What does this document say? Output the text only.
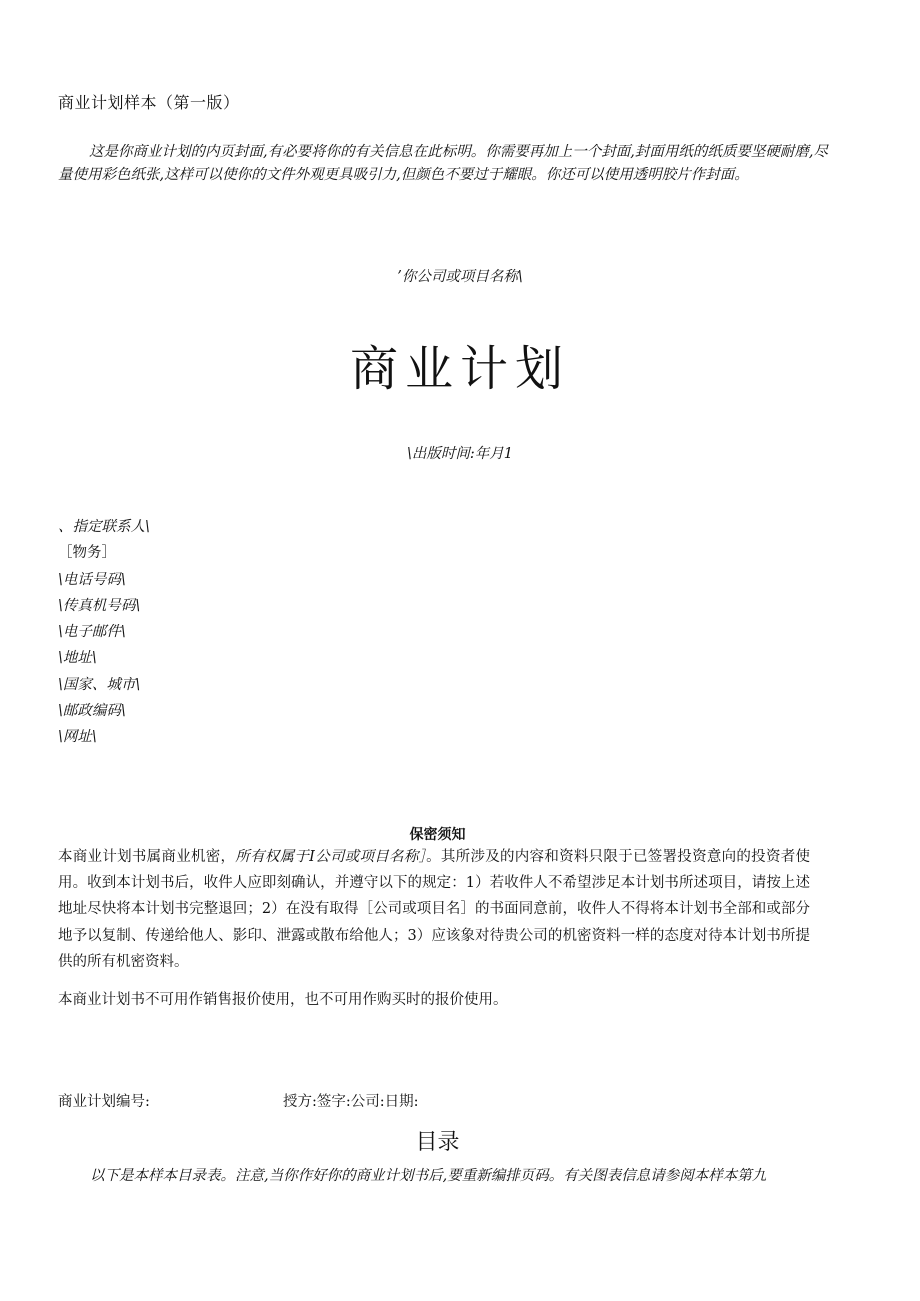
商业计划样本（第一版）
这是你商业计划的内页封面,有必要将你的有关信息在此标明。你需要再加上一个封面,封面用纸的纸质要坚硬耐磨,尽量使用彩色纸张,这样可以使你的文件外观更具吸引力,但颜色不要过于耀眼。你还可以使用透明胶片作封面。
’你公司或项目名称\
商业计划
\出版时间:年月1
、指定联系人\
［物务］
\电话号码\
\传真机号码\
\电子邮件\
\地址\
\国家、城市\
\邮政编码\
\网址\
保密须知
本商业计划书属商业机密，所有权属于I公司或项目名称］。其所涉及的内容和资料只限于已签署投资意向的投资者使用。收到本计划书后，收件人应即刻确认，并遵守以下的规定：1）若收件人不希望涉足本计划书所述项目，请按上述地址尽快将本计划书完整退回；2）在没有取得［公司或项目名］的书面同意前，收件人不得将本计划书全部和或部分地予以复制、传递给他人、影印、泄露或散布给他人；3）应该象对待贵公司的机密资料一样的态度对待本计划书所提供的所有机密资料。
本商业计划书不可用作销售报价使用，也不可用作购买时的报价使用。
商业计划编号:	授方:签字:公司:日期:
目录
以下是本样本目录表。注意,当你作好你的商业计划书后,要重新编排页码。有关图表信息请参阅本样本第九
